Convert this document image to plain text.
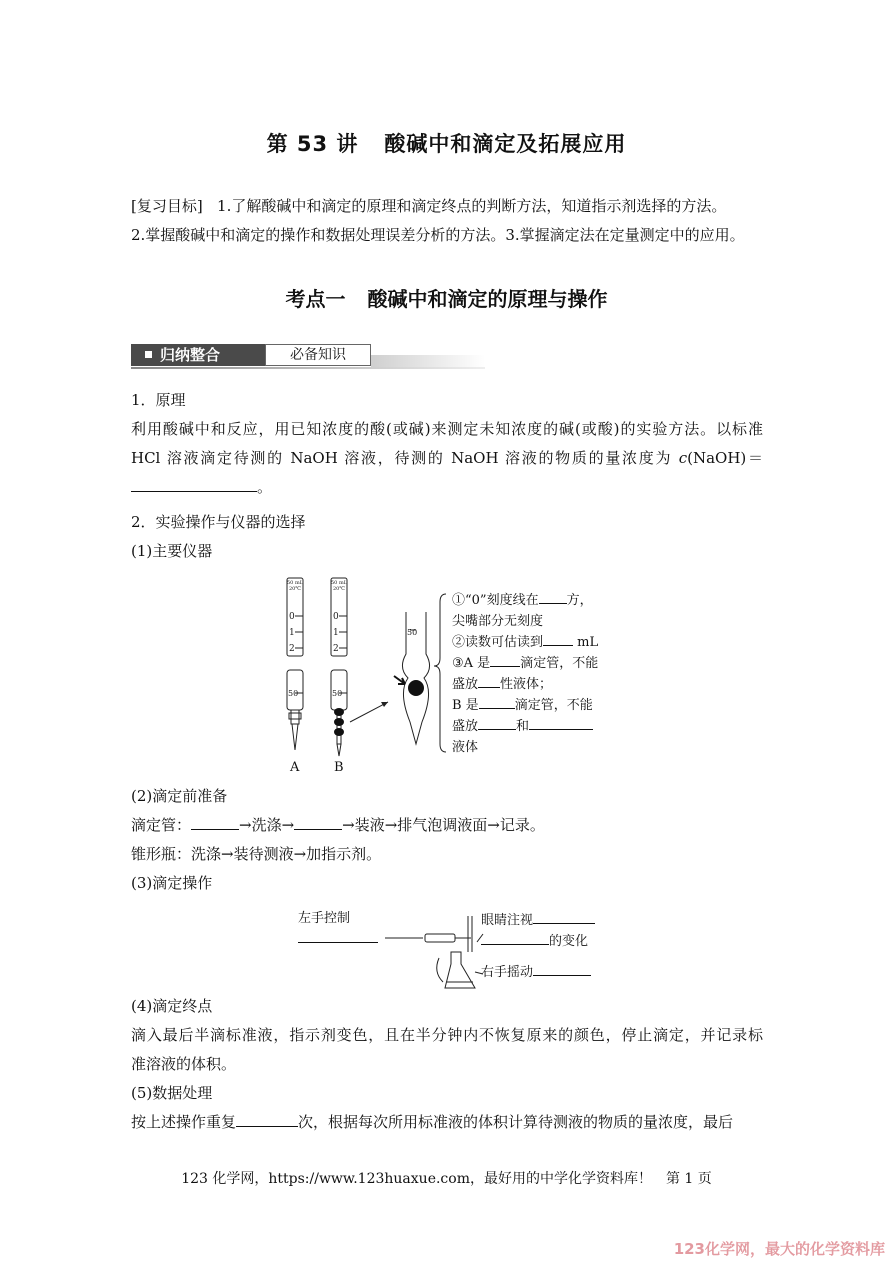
第 53 讲 酸碱中和滴定及拓展应用
[复习目标] 1.了解酸碱中和滴定的原理和滴定终点的判断方法，知道指示剂选择的方法。
2.掌握酸碱中和滴定的操作和数据处理误差分析的方法。3.掌握滴定法在定量测定中的应用。
考点一 酸碱中和滴定的原理与操作
归纳整合	必备知识
1．原理
利用酸碱中和反应，用已知浓度的酸(或碱)来测定未知浓度的碱(或酸)的实验方法。以标准
HCl 溶液滴定待测的 NaOH 溶液，待测的 NaOH 溶液的物质的量浓度为 c(NaOH)＝
。
2．实验操作与仪器的选择
(1)主要仪器
50 mL
20℃
50 mL
20℃
0
1
2
0
1
2
50	50
50
A	B
①“0”刻度线在 方，
尖嘴部分无刻度
②读数可估读到	mL
③A 是 滴定管，不能
盛放 性液体；
B 是	滴定管，不能
盛放	和
液体
(2)滴定前准备
滴定管：	→洗涤→	→装液→排气泡调液面→记录。
锥形瓶：洗涤→装待测液→加指示剂。
(3)滴定操作
左手控制	眼睛注视
的变化
右手摇动
(4)滴定终点
滴入最后半滴标准液，指示剂变色，且在半分钟内不恢复原来的颜色，停止滴定，并记录标
准溶液的体积。
(5)数据处理
按上述操作重复	次，根据每次所用标准液的体积计算待测液的物质的量浓度，最后
123 化学网，https://www.123huaxue.com，最好用的中学化学资料库！　第 1 页
123化学网，最大的化学资料库
